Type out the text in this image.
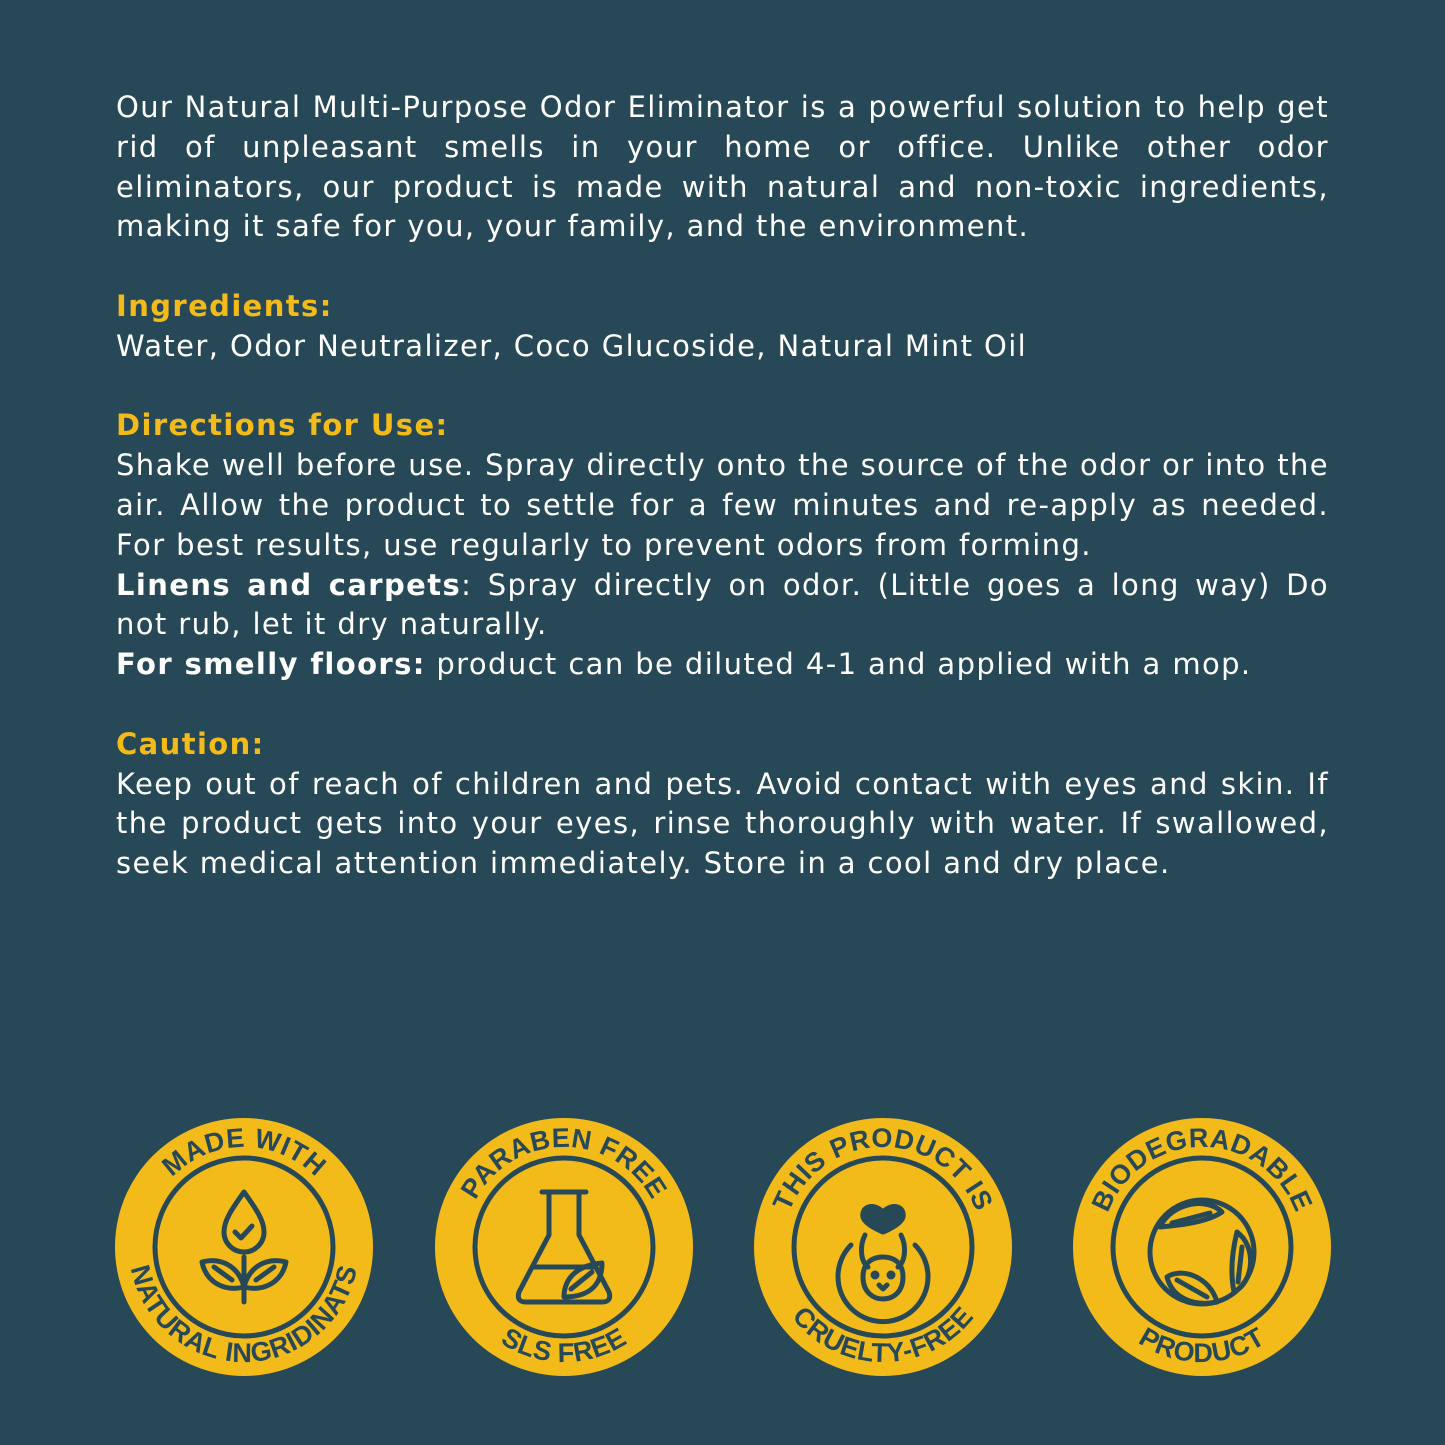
Our Natural Multi-Purpose Odor Eliminator is a powerful solution to help get rid of unpleasant smells in your home or office. Unlike other odor eliminators, our product is made with natural and non-toxic ingredients, making it safe for you, your family, and the environment.

Ingredients:

Water, Odor Neutralizer, Coco Glucoside, Natural Mint Oil

Directions for Use:

Shake well before use. Spray directly onto the source of the odor or into the air. Allow the product to settle for a few minutes and re-apply as needed. For best results, use regularly to prevent odors from forming.

Linens and carpets: Spray directly on odor. (Little goes a long way) Do not rub, let it dry naturally.

For smelly floors: product can be diluted 4-1 and applied with a mop.

Caution:

Keep out of reach of children and pets. Avoid contact with eyes and skin. If the product gets into your eyes, rinse thoroughly with water. If swallowed, seek medical attention immediately. Store in a cool and dry place.

MADE WITH
NATURAL INGRIDINATS
PARABEN FREE
SLS FREE
THIS PRODUCT IS
CRUELTY-FREE
BIODEGRADABLE
PRODUCT
